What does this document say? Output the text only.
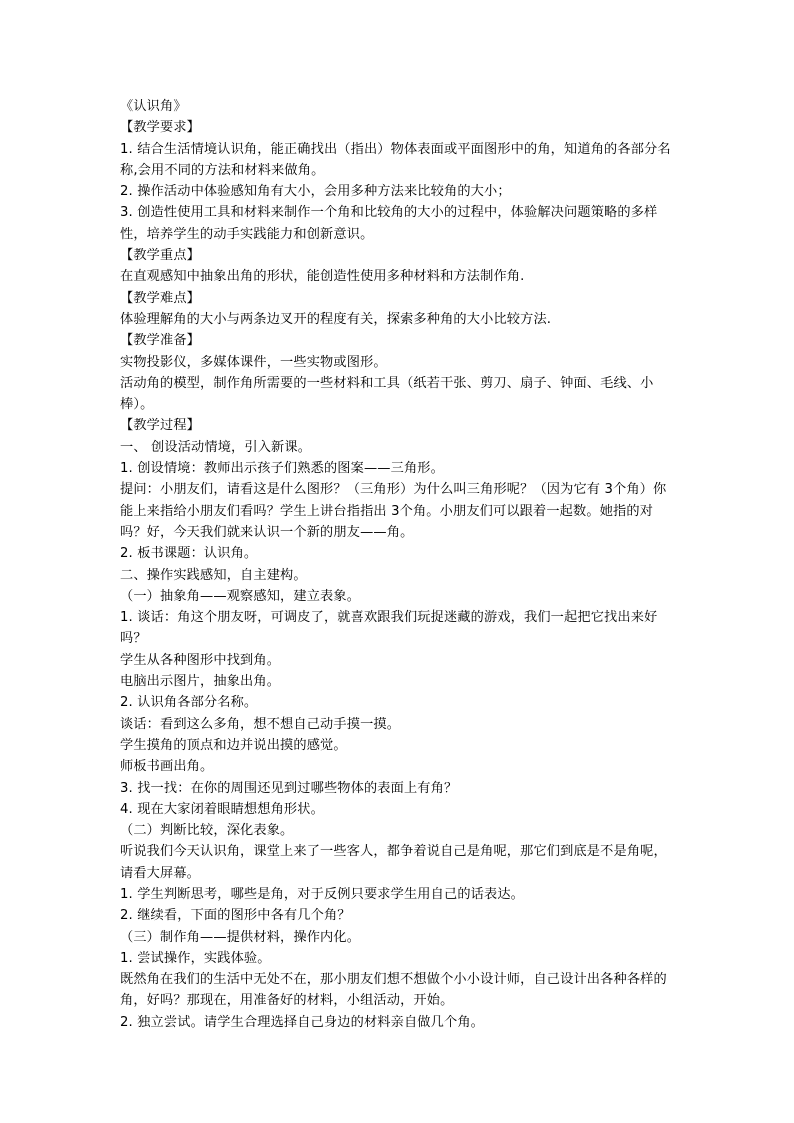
《认识角》

【教学要求】

1. 结合生活情境认识角，能正确找出（指出）物体表面或平面图形中的角，知道角的各部分名称,会用不同的方法和材料来做角。

2. 操作活动中体验感知角有大小，会用多种方法来比较角的大小；

3. 创造性使用工具和材料来制作一个角和比较角的大小的过程中，体验解决问题策略的多样性，培养学生的动手实践能力和创新意识。

【教学重点】

在直观感知中抽象出角的形状，能创造性使用多种材料和方法制作角.

【教学难点】

体验理解角的大小与两条边叉开的程度有关，探索多种角的大小比较方法.

【教学准备】

实物投影仪，多媒体课件，一些实物或图形。

活动角的模型，制作角所需要的一些材料和工具（纸若干张、剪刀、扇子、钟面、毛线、小棒）。

【教学过程】

一、 创设活动情境，引入新课。

1. 创设情境：教师出示孩子们熟悉的图案——三角形。

提问：小朋友们，请看这是什么图形？（三角形）为什么叫三角形呢？（因为它有 3个角）你能上来指给小朋友们看吗？学生上讲台指指出 3个角。小朋友们可以跟着一起数。她指的对吗？好，今天我们就来认识一个新的朋友——角。

2. 板书课题：认识角。

二、操作实践感知，自主建构。

（一）抽象角——观察感知，建立表象。

1. 谈话：角这个朋友呀，可调皮了，就喜欢跟我们玩捉迷藏的游戏，我们一起把它找出来好吗？

学生从各种图形中找到角。

电脑出示图片，抽象出角。

2. 认识角各部分名称。

谈话：看到这么多角，想不想自己动手摸一摸。

学生摸角的顶点和边并说出摸的感觉。

师板书画出角。

3. 找一找：在你的周围还见到过哪些物体的表面上有角？

4. 现在大家闭着眼睛想想角形状。

（二）判断比较，深化表象。

听说我们今天认识角，课堂上来了一些客人，都争着说自己是角呢，那它们到底是不是角呢，请看大屏幕。

1. 学生判断思考，哪些是角，对于反例只要求学生用自己的话表达。

2. 继续看，下面的图形中各有几个角？

（三）制作角——提供材料，操作内化。

1. 尝试操作，实践体验。

既然角在我们的生活中无处不在，那小朋友们想不想做个小小设计师，自己设计出各种各样的角，好吗？那现在，用准备好的材料，小组活动，开始。

2. 独立尝试。请学生合理选择自己身边的材料亲自做几个角。
